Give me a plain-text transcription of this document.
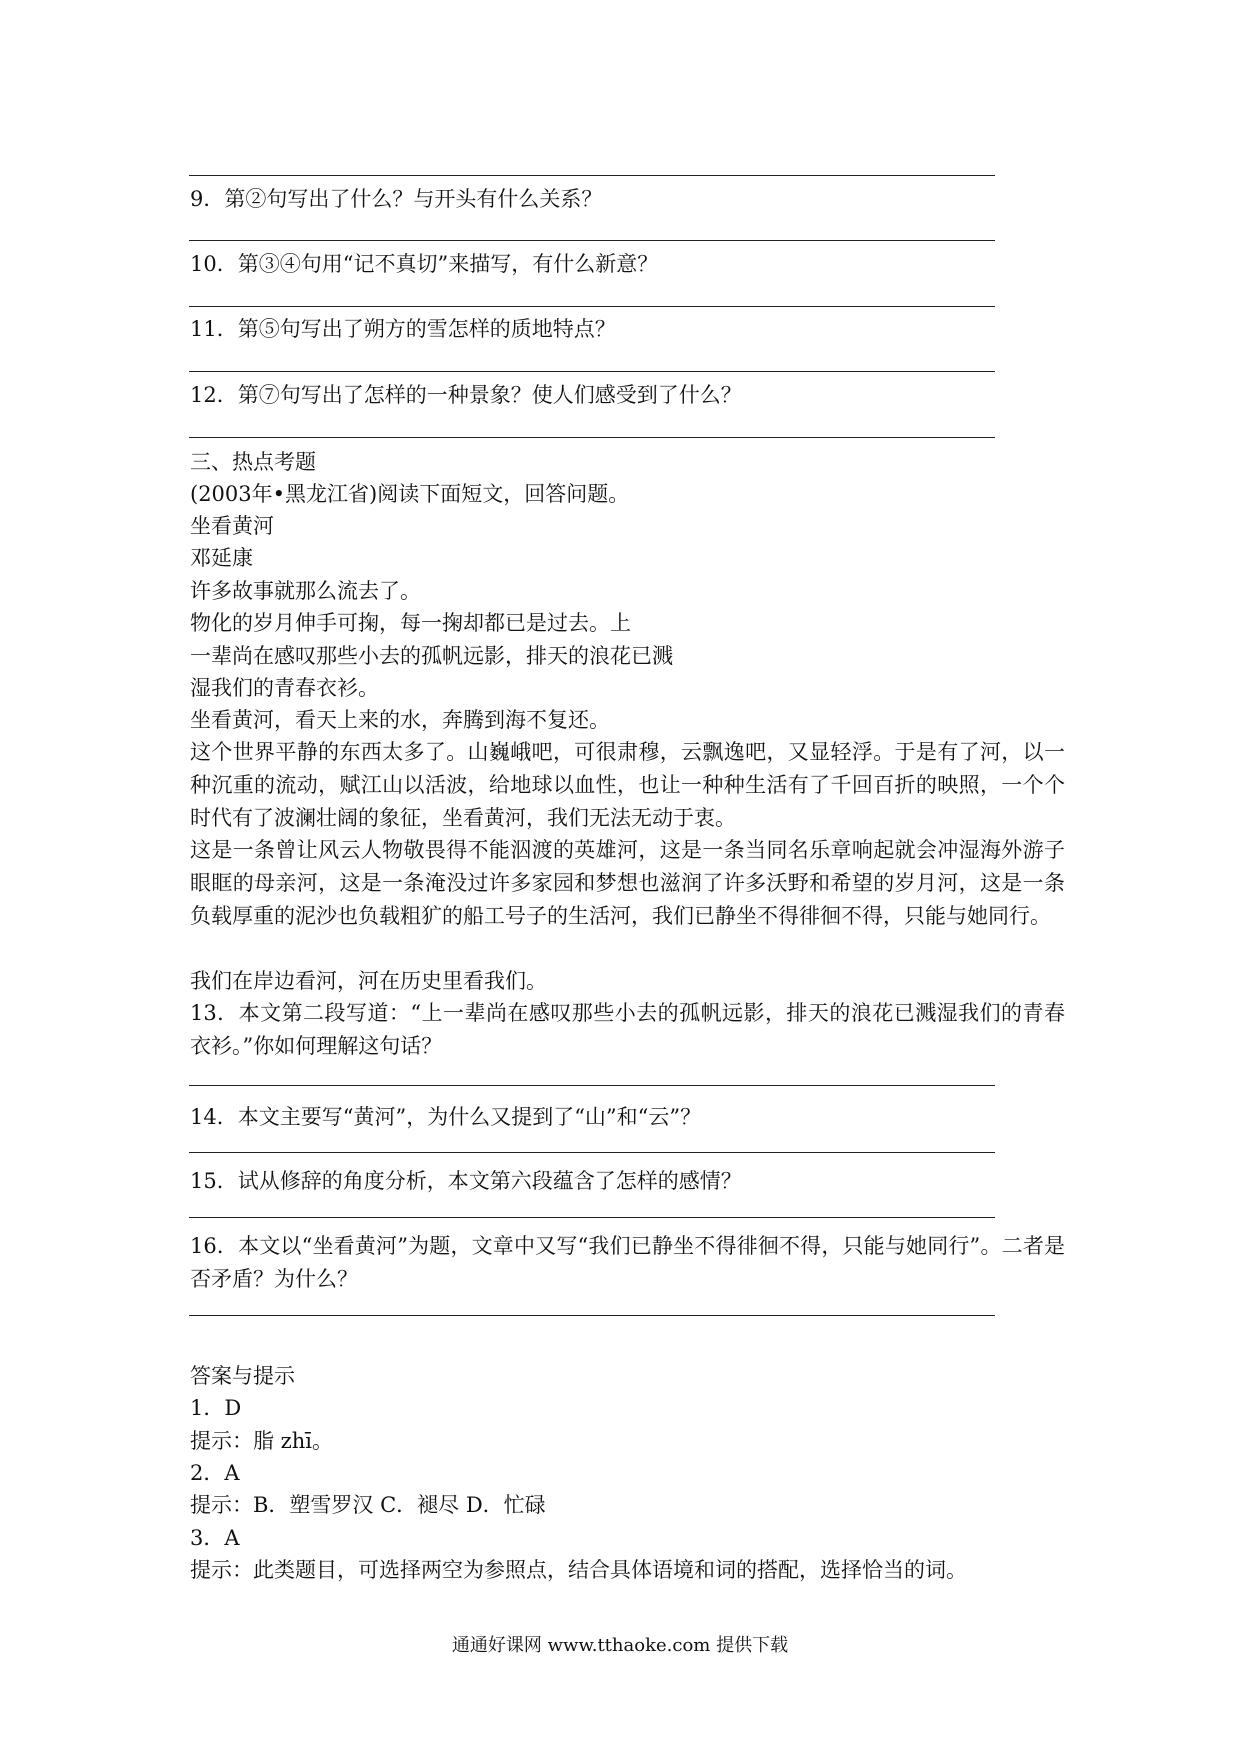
9．第②句写出了什么？与开头有什么关系？
10．第③④句用“记不真切”来描写，有什么新意？
11．第⑤句写出了朔方的雪怎样的质地特点？
12．第⑦句写出了怎样的一种景象？使人们感受到了什么？
三、热点考题
(2003年•黑龙江省)阅读下面短文，回答问题。
坐看黄河
邓延康
许多故事就那么流去了。
物化的岁月伸手可掬，每一掬却都已是过去。上
一辈尚在感叹那些小去的孤帆远影，排天的浪花已溅
湿我们的青春衣衫。
坐看黄河，看天上来的水，奔腾到海不复还。
这个世界平静的东西太多了。山巍峨吧，可很肃穆，云飘逸吧，又显轻浮。于是有了河，以一种沉重的流动，赋江山以活波，给地球以血性，也让一种种生活有了千回百折的映照，一个个时代有了波澜壮阔的象征，坐看黄河，我们无法无动于衷。
这是一条曾让风云人物敬畏得不能泅渡的英雄河，这是一条当同名乐章响起就会冲湿海外游子眼眶的母亲河，这是一条淹没过许多家园和梦想也滋润了许多沃野和希望的岁月河，这是一条负载厚重的泥沙也负载粗犷的船工号子的生活河，我们已静坐不得徘徊不得，只能与她同行。
我们在岸边看河，河在历史里看我们。
13．本文第二段写道：“上一辈尚在感叹那些小去的孤帆远影，排天的浪花已溅湿我们的青春衣衫。”你如何理解这句话？
14．本文主要写“黄河”，为什么又提到了“山”和“云”？
15．试从修辞的角度分析，本文第六段蕴含了怎样的感情？
16．本文以“坐看黄河”为题，文章中又写“我们已静坐不得徘徊不得，只能与她同行”。二者是否矛盾？为什么？
答案与提示
1．D
提示：脂 zhī。
2．A
提示：B．塑雪罗汉 C．褪尽 D．忙碌
3．A
提示：此类题目，可选择两空为参照点，结合具体语境和词的搭配，选择恰当的词。
通通好课网 www.tthaoke.com 提供下载
